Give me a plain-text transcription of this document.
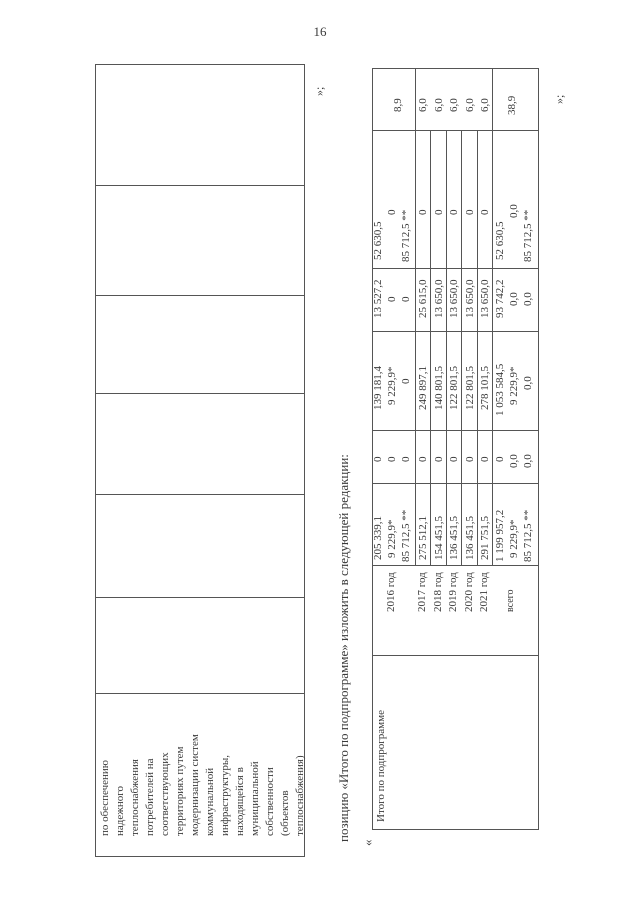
16
по обеспечению надежного теплоснабжения потребителей на соответствующих территориях путем модернизации систем коммунальной инфраструктуры, находящейся в муниципальной собственности (объектов теплоснабжения)
»;
позицию «Итого по подпрограмме» изложить в следующей редакции:
«
Итого по подпрограмме
2016 год 2017 год 2018 год 2019 год 2020 год 2021 год всего
205 339,1 9 229,9* 85 712,5 ** 275 512,1 154 451,5 136 451,5 136 451,5 291 751,5 1 199 957,2 9 229,9* 85 712,5 **
0 0 0 0 0 0 0 0 0 0,0 0,0
139 181,4 9 229,9* 0 249 897,1 140 801,5 122 801,5 122 801,5 278 101,5 1 053 584,5 9 229,9* 0,0
13 527,2 0 0 25 615,0 13 650,0 13 650,0 13 650,0 13 650,0 93 742,2 0,0 0,0
52 630,5
0 85 712,5 ** 0 0 0 0 0
52 630,5
0,0 85 712,5 **
8,9 6,0 6,0 6,0 6,0 6,0 38,9	»;
